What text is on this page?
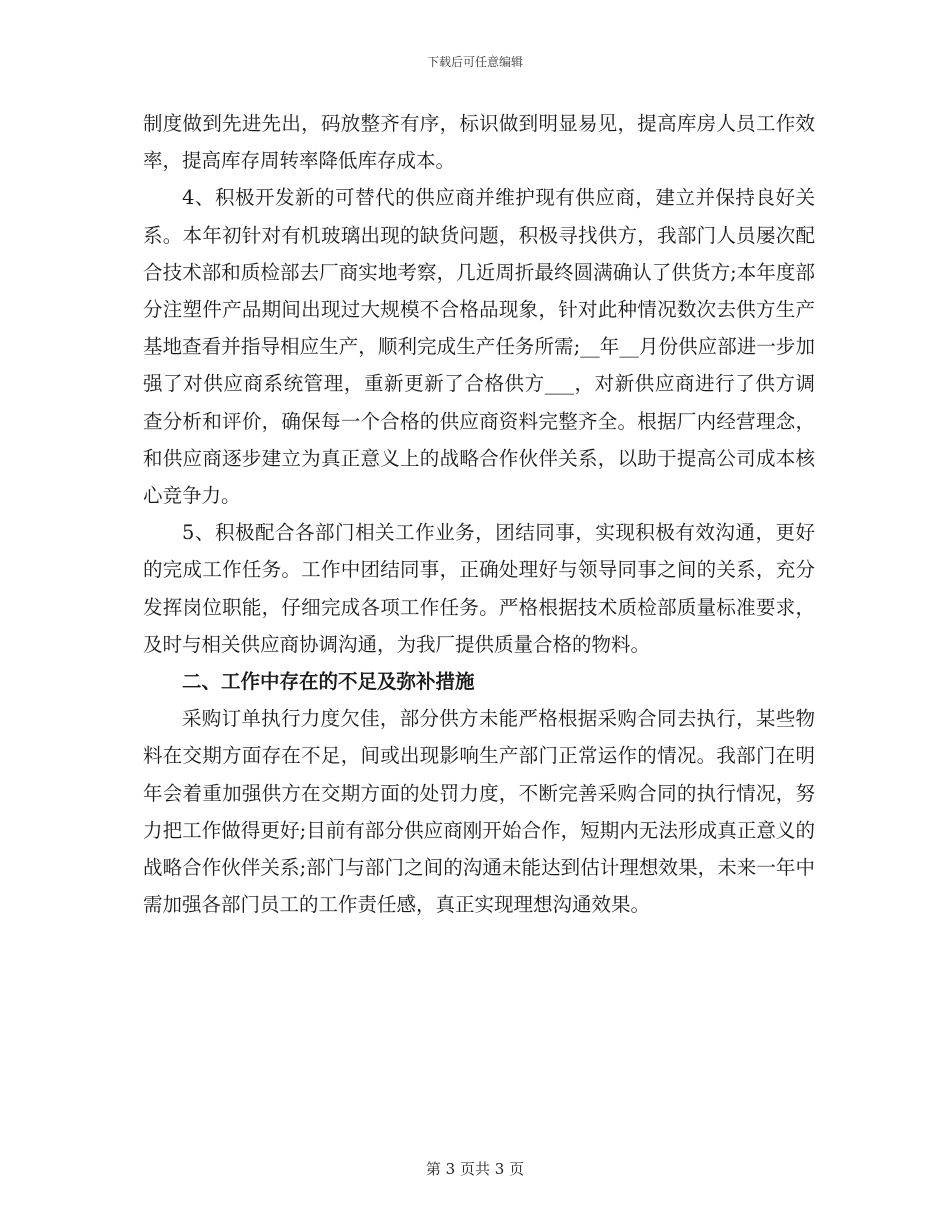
下载后可任意编辑

制度做到先进先出，码放整齐有序，标识做到明显易见，提高库房人员工作效率，提高库存周转率降低库存成本。

4、积极开发新的可替代的供应商并维护现有供应商，建立并保持良好关系。本年初针对有机玻璃出现的缺货问题，积极寻找供方，我部门人员屡次配合技术部和质检部去厂商实地考察，几近周折最终圆满确认了供货方;本年度部分注塑件产品期间出现过大规模不合格品现象，针对此种情况数次去供方生产基地查看并指导相应生产，顺利完成生产任务所需;__年__月份供应部进一步加强了对供应商系统管理，重新更新了合格供方___，对新供应商进行了供方调查分析和评价，确保每一个合格的供应商资料完整齐全。根据厂内经营理念，和供应商逐步建立为真正意义上的战略合作伙伴关系，以助于提高公司成本核心竞争力。

5、积极配合各部门相关工作业务，团结同事，实现积极有效沟通，更好的完成工作任务。工作中团结同事，正确处理好与领导同事之间的关系，充分发挥岗位职能，仔细完成各项工作任务。严格根据技术质检部质量标准要求，及时与相关供应商协调沟通，为我厂提供质量合格的物料。

二、工作中存在的不足及弥补措施

采购订单执行力度欠佳，部分供方未能严格根据采购合同去执行，某些物料在交期方面存在不足，间或出现影响生产部门正常运作的情况。我部门在明年会着重加强供方在交期方面的处罚力度，不断完善采购合同的执行情况，努力把工作做得更好;目前有部分供应商刚开始合作，短期内无法形成真正意义的战略合作伙伴关系;部门与部门之间的沟通未能达到估计理想效果，未来一年中需加强各部门员工的工作责任感，真正实现理想沟通效果。

第 3 页共 3 页
